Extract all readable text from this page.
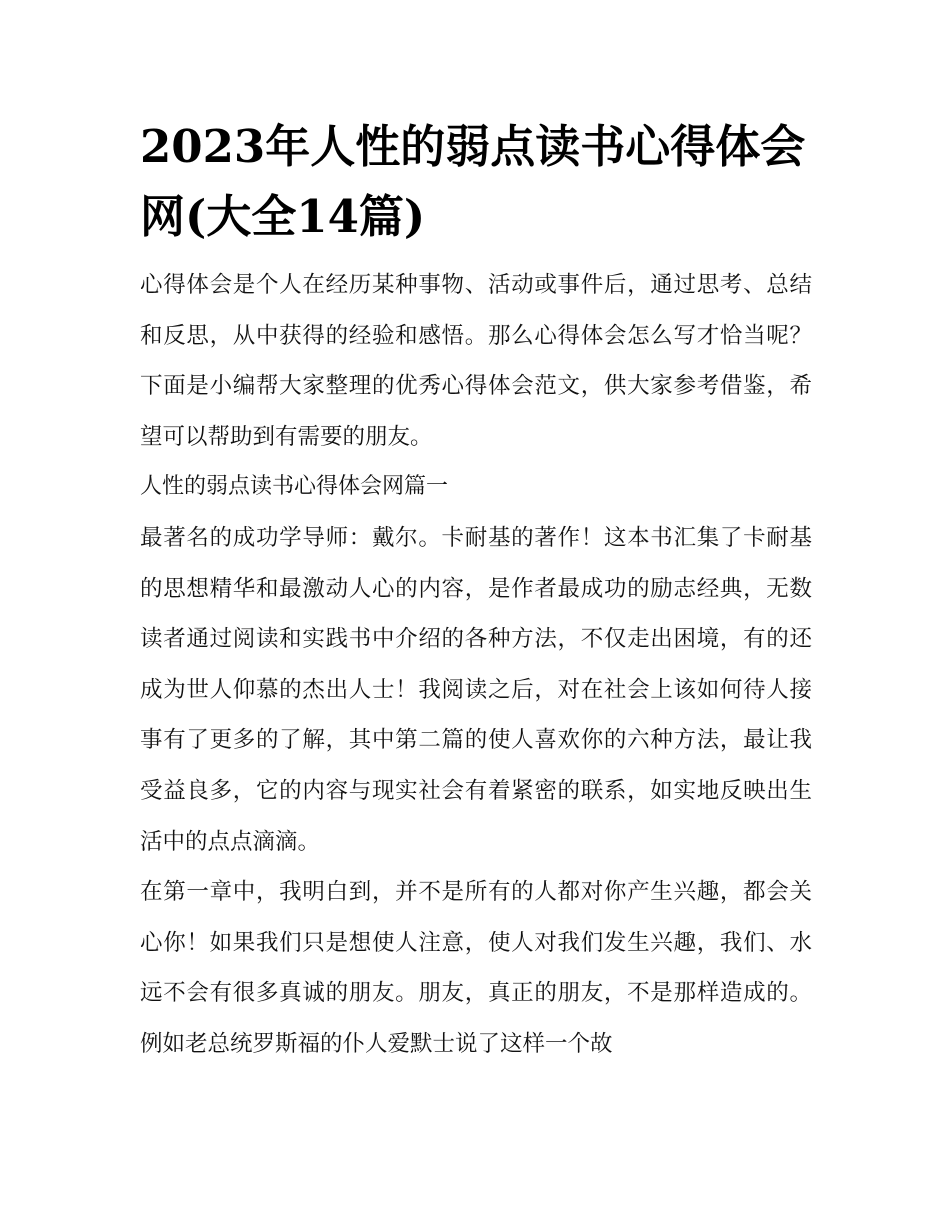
2023年人性的弱点读书心得体会网(大全14篇)

心得体会是个人在经历某种事物、活动或事件后，通过思考、总结和反思，从中获得的经验和感悟。那么心得体会怎么写才恰当呢？下面是小编帮大家整理的优秀心得体会范文，供大家参考借鉴，希望可以帮助到有需要的朋友。

人性的弱点读书心得体会网篇一

最著名的成功学导师：戴尔。卡耐基的著作！这本书汇集了卡耐基的思想精华和最激动人心的内容，是作者最成功的励志经典，无数读者通过阅读和实践书中介绍的各种方法，不仅走出困境，有的还成为世人仰慕的杰出人士！我阅读之后，对在社会上该如何待人接事有了更多的了解，其中第二篇的使人喜欢你的六种方法，最让我受益良多，它的内容与现实社会有着紧密的联系，如实地反映出生活中的点点滴滴。

在第一章中，我明白到，并不是所有的人都对你产生兴趣，都会关心你！如果我们只是想使人注意，使人对我们发生兴趣，我们、水远不会有很多真诚的朋友。朋友，真正的朋友，不是那样造成的。例如老总统罗斯福的仆人爱默士说了这样一个故
